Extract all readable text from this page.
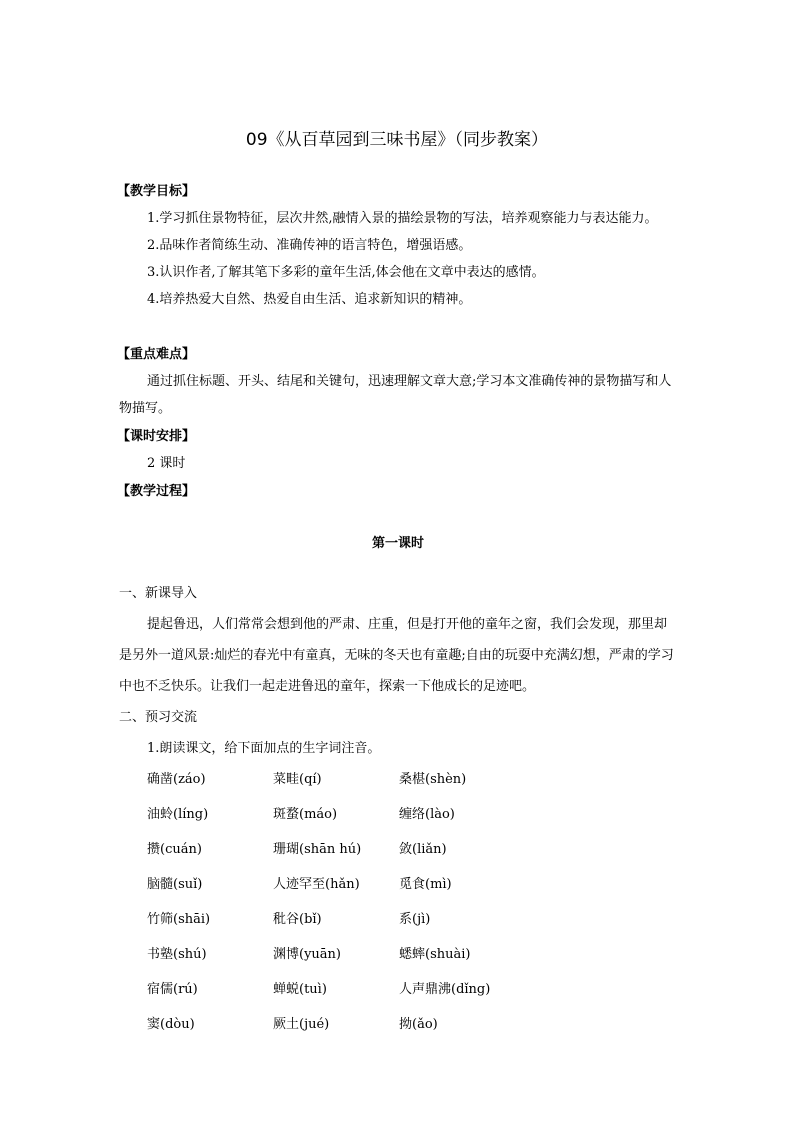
09《从百草园到三味书屋》（同步教案）
【教学目标】

1.学习抓住景物特征，层次井然,融情入景的描绘景物的写法，培养观察能力与表达能力。

2.品味作者简练生动、准确传神的语言特色，增强语感。

3.认识作者,了解其笔下多彩的童年生活,体会他在文章中表达的感情。

4.培养热爱大自然、热爱自由生活、追求新知识的精神。

【重点难点】

通过抓住标题、开头、结尾和关键句，迅速理解文章大意;学习本文准确传神的景物描写和人物描写。

【课时安排】

2 课时

【教学过程】
第一课时

一、新课导入

提起鲁迅，人们常常会想到他的严肃、庄重，但是打开他的童年之窗，我们会发现，那里却是另外一道风景:灿烂的春光中有童真，无味的冬天也有童趣;自由的玩耍中充满幻想，严肃的学习中也不乏快乐。让我们一起走进鲁迅的童年，探索一下他成长的足迹吧。

二、预习交流

1.朗读课文，给下面加点的生字词注音。

确凿(záo)	菜畦(qí)	桑椹(shèn)
油蛉(líng)	斑蝥(máo)	缠络(lào)
攒(cuán)	珊瑚(shān hú)	敛(liǎn)
脑髓(suǐ)	人迹罕至(hǎn)	觅食(mì)
竹筛(shāi)	秕谷(bǐ)	系(jì)
书塾(shú)	渊博(yuān)	蟋蟀(shuài)
宿儒(rú)	蝉蜕(tuì)	人声鼎沸(dǐng)
窦(dòu)	厥土(jué)	拗(ǎo)
